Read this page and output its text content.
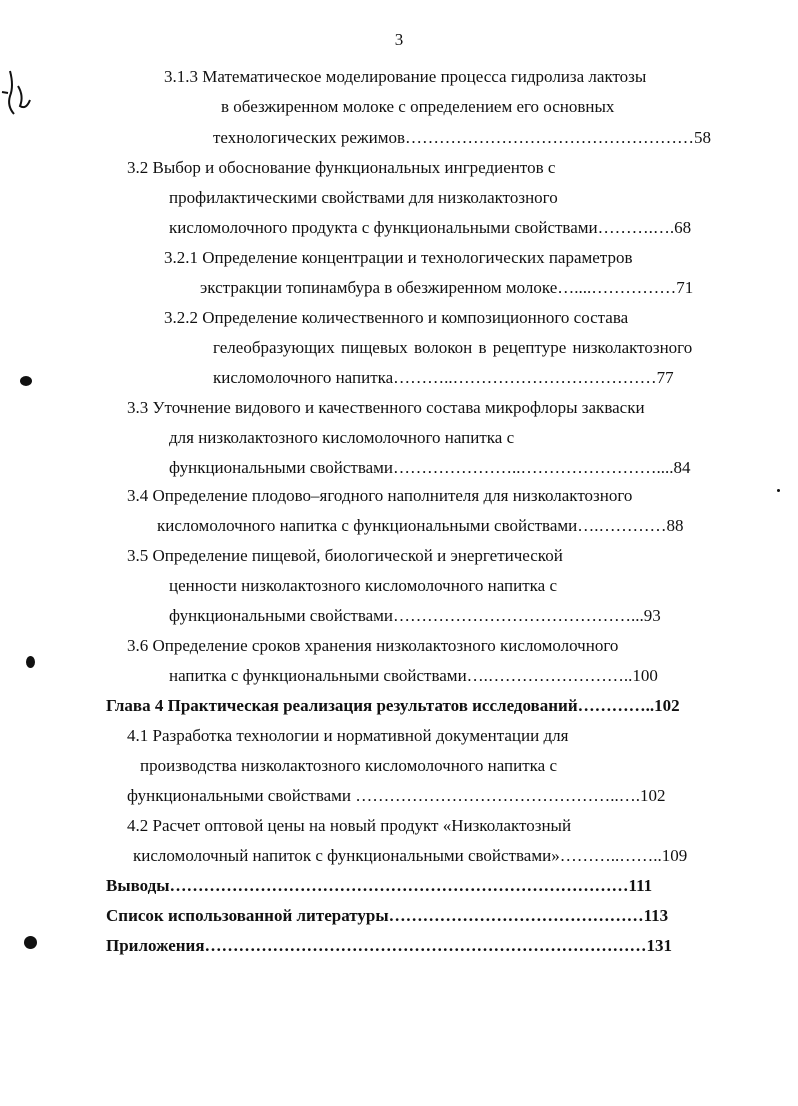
3
3.1.3 Математическое моделирование процесса гидролиза лактозы
в обезжиренном молоке с определением его основных
технологических режимов……………………………………………58
3.2 Выбор и обоснование функциональных ингредиентов с
профилактическими свойствами для низколактозного
кисломолочного продукта с функциональными свойствами……….….68
3.2.1 Определение концентрации и технологических параметров
экстракции топинамбура в обезжиренном молоке…....……………71
3.2.2 Определение количественного и композиционного состава
гелеобразующих пищевых волокон в рецептуре низколактозного
кисломолочного напитка………..………………………………77
3.3 Уточнение видового и качественного состава микрофлоры закваски
для низколактозного кисломолочного напитка с
функциональными свойствами…………………..……………………....84
3.4 Определение плодово–ягодного наполнителя для низколактозного
кисломолочного напитка с функциональными свойствами….…………88
3.5 Определение пищевой, биологической и энергетической
ценности низколактозного кисломолочного напитка с
функциональными свойствами……………………………………...93
3.6 Определение сроков хранения низколактозного кисломолочного
напитка с функциональными свойствами….……………………..100
Глава 4 Практическая реализация результатов исследований…………..102
4.1 Разработка технологии и нормативной документации для
производства низколактозного кисломолочного напитка с
функциональными свойствами ………………………………………..….102
4.2 Расчет оптовой цены на новый продукт «Низколактозный
кисломолочный напиток с функциональными свойствами»………..……..109
Выводы………………………………………………………………………111
Список использованной литературы………………………………………113
Приложения……………………………………………………………………131
